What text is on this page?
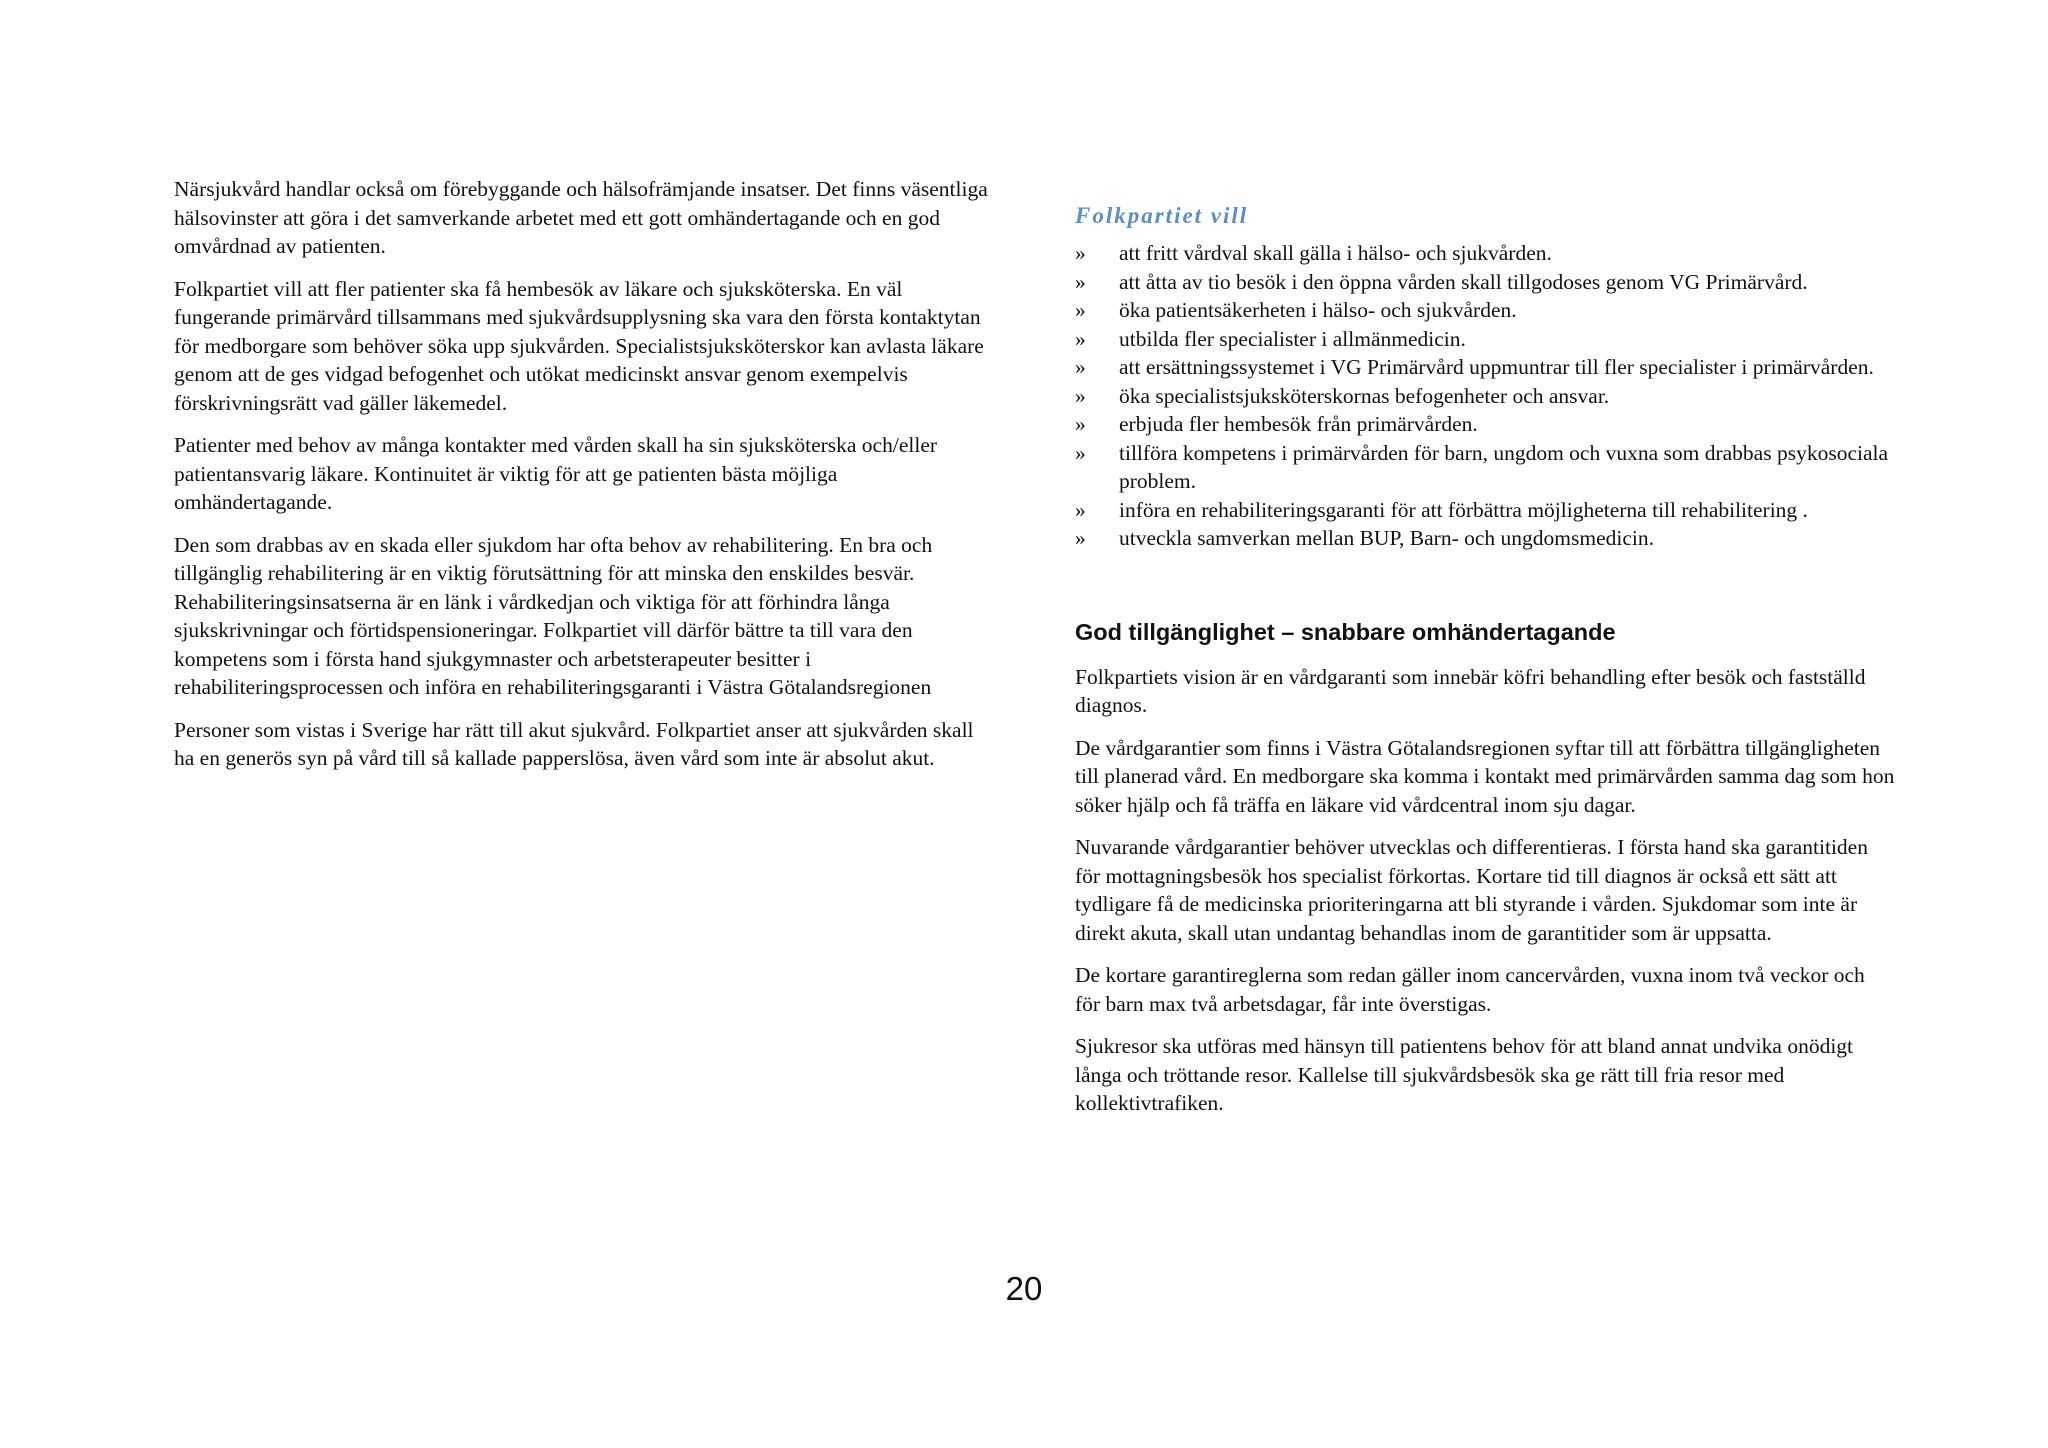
Närsjukvård handlar också om förebyggande och hälsofrämjande insatser. Det finns väsentliga hälsovinster att göra i det samverkande arbetet med ett gott omhändertagande och en god omvårdnad av patienten.

Folkpartiet vill att fler patienter ska få hembesök av läkare och sjuksköterska. En väl fungerande primärvård tillsammans med sjukvårdsupplysning ska vara den första kontaktytan för medborgare som behöver söka upp sjukvården. Specialistsjuksköterskor kan avlasta läkare genom att de ges vidgad befogenhet och utökat medicinskt ansvar genom exempelvis förskrivningsrätt vad gäller läkemedel.

Patienter med behov av många kontakter med vården skall ha sin sjuksköterska och/eller patientansvarig läkare. Kontinuitet är viktig för att ge patienten bästa möjliga omhändertagande.

Den som drabbas av en skada eller sjukdom har ofta behov av rehabilitering. En bra och tillgänglig rehabilitering är en viktig förutsättning för att minska den enskildes besvär. Rehabiliteringsinsatserna är en länk i vårdkedjan och viktiga för att förhindra långa sjukskrivningar och förtidspensioneringar. Folkpartiet vill därför bättre ta till vara den kompetens som i första hand sjukgymnaster och arbetsterapeuter besitter i rehabiliteringsprocessen och införa en rehabiliteringsgaranti i Västra Götalandsregionen

Personer som vistas i Sverige har rätt till akut sjukvård. Folkpartiet anser att sjukvården skall ha en generös syn på vård till så kallade papperslösa, även vård som inte är absolut akut.

Folkpartiet vill
» att fritt vårdval skall gälla i hälso- och sjukvården.
» att åtta av tio besök i den öppna vården skall tillgodoses genom VG Primärvård.
» öka patientsäkerheten i hälso- och sjukvården.
» utbilda fler specialister i allmänmedicin.
» att ersättningssystemet i VG Primärvård uppmuntrar till fler specialister i primärvården.
» öka specialistsjuksköterskornas befogenheter och ansvar.
» erbjuda fler hembesök från primärvården.
» tillföra kompetens i primärvården för barn, ungdom och vuxna som drabbas psykosociala problem.
» införa en rehabiliteringsgaranti för att förbättra möjligheterna till rehabilitering .
» utveckla samverkan mellan BUP, Barn- och ungdomsmedicin.
God tillgänglighet – snabbare omhändertagande

Folkpartiets vision är en vårdgaranti som innebär köfri behandling efter besök och fastställd diagnos.

De vårdgarantier som finns i Västra Götalandsregionen syftar till att förbättra tillgängligheten till planerad vård. En medborgare ska komma i kontakt med primärvården samma dag som hon söker hjälp och få träffa en läkare vid vårdcentral inom sju dagar.

Nuvarande vårdgarantier behöver utvecklas och differentieras. I första hand ska garantitiden för mottagningsbesök hos specialist förkortas. Kortare tid till diagnos är också ett sätt att tydligare få de medicinska prioriteringarna att bli styrande i vården. Sjukdomar som inte är direkt akuta, skall utan undantag behandlas inom de garantitider som är uppsatta.

De kortare garantireglerna som redan gäller inom cancervården, vuxna inom två veckor och för barn max två arbetsdagar, får inte överstigas.

Sjukresor ska utföras med hänsyn till patientens behov för att bland annat undvika onödigt långa och tröttande resor. Kallelse till sjukvårdsbesök ska ge rätt till fria resor med kollektivtrafiken.

20
